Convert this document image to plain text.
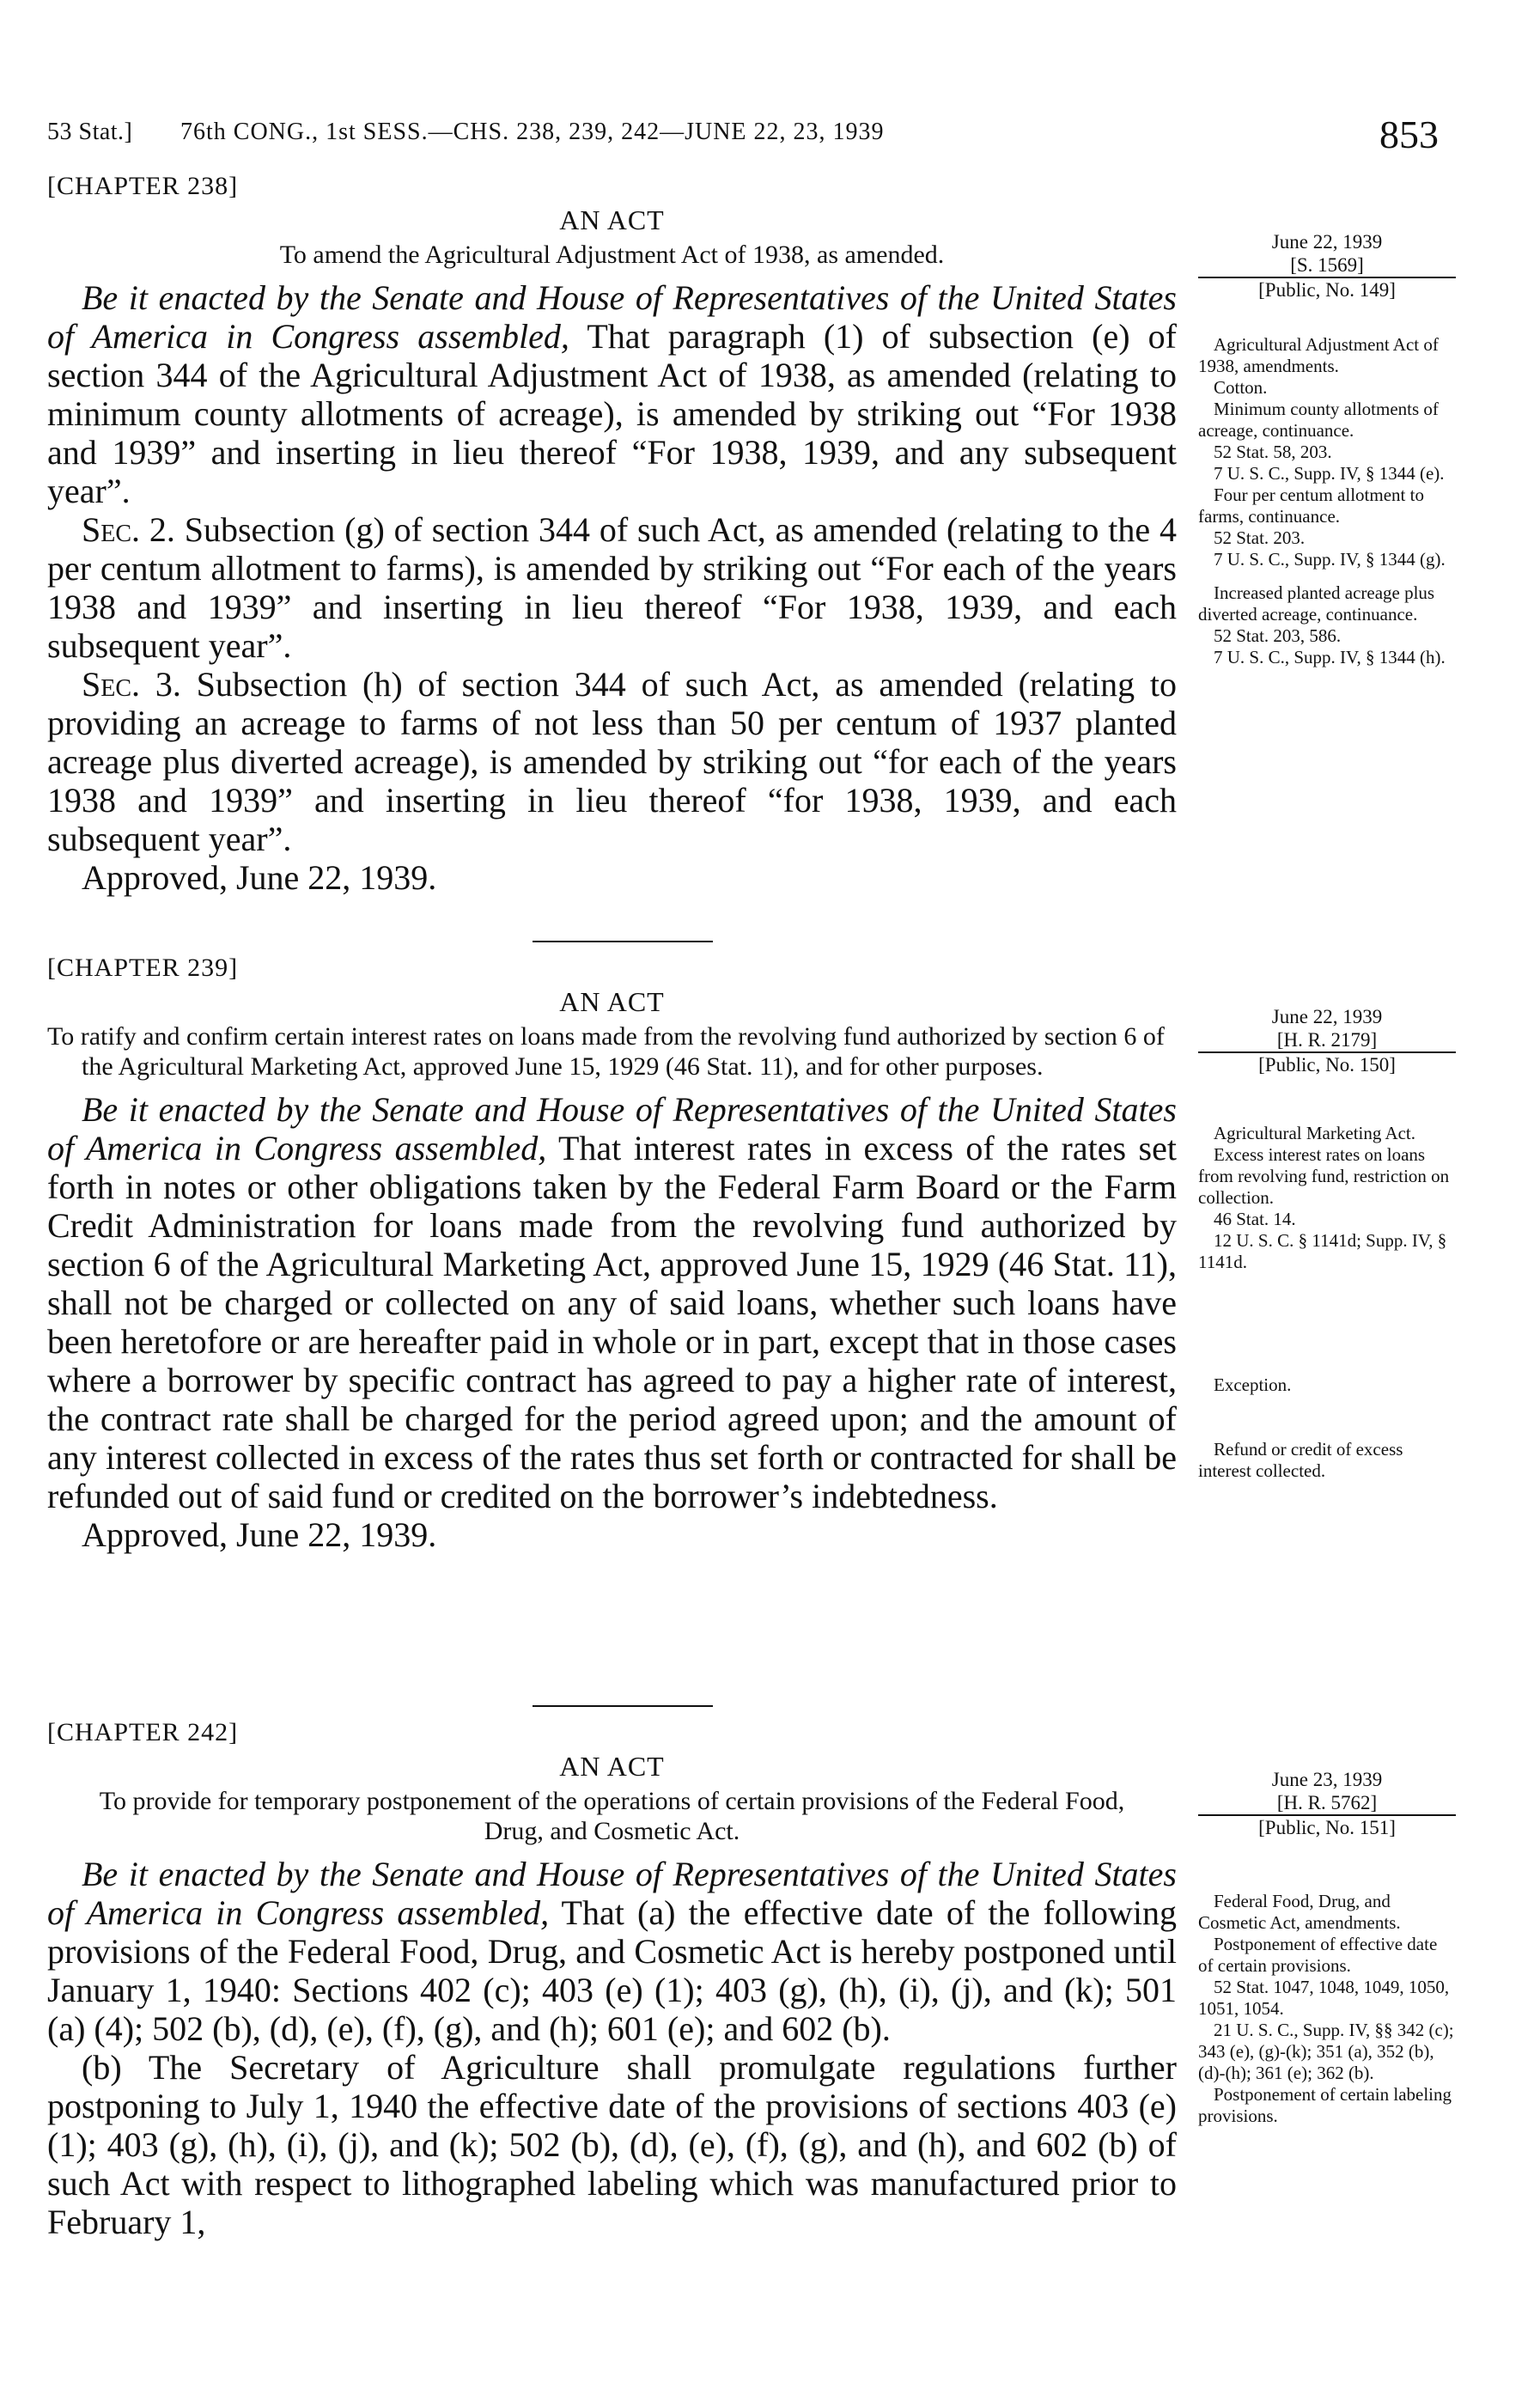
53 Stat.] 76th CONG., 1st SESS.—CHS. 238, 239, 242—JUNE 22, 23, 1939	853
[CHAPTER 238]
AN ACT
To amend the Agricultural Adjustment Act of 1938, as amended.

Be it enacted by the Senate and House of Representatives of the United States of America in Congress assembled, That paragraph (1) of subsection (e) of section 344 of the Agricultural Adjustment Act of 1938, as amended (relating to minimum county allotments of acreage), is amended by striking out “For 1938 and 1939” and inserting in lieu thereof “For 1938, 1939, and any subsequent year”.

Sec. 2. Subsection (g) of section 344 of such Act, as amended (relating to the 4 per centum allotment to farms), is amended by striking out “For each of the years 1938 and 1939” and inserting in lieu thereof “For 1938, 1939, and each subsequent year”.

Sec. 3. Subsection (h) of section 344 of such Act, as amended (relating to providing an acreage to farms of not less than 50 per centum of 1937 planted acreage plus diverted acreage), is amended by striking out “for each of the years 1938 and 1939” and inserting in lieu thereof “for 1938, 1939, and each subsequent year”.

Approved, June 22, 1939.

June 22, 1939
[S. 1569]
[Public, No. 149]
Agricultural Adjustment Act of 1938, amendments.
Cotton.
Minimum county allotments of acreage, continuance.
52 Stat. 58, 203.
7 U. S. C., Supp. IV, § 1344 (e).
Four per centum allotment to farms, continuance.
52 Stat. 203.
7 U. S. C., Supp. IV, § 1344 (g).
Increased planted acreage plus diverted acreage, continuance.
52 Stat. 203, 586.
7 U. S. C., Supp. IV, § 1344 (h).
[CHAPTER 239]
AN ACT
To ratify and confirm certain interest rates on loans made from the revolving fund authorized by section 6 of the Agricultural Marketing Act, approved June 15, 1929 (46 Stat. 11), and for other purposes.

Be it enacted by the Senate and House of Representatives of the United States of America in Congress assembled, That interest rates in excess of the rates set forth in notes or other obligations taken by the Federal Farm Board or the Farm Credit Administration for loans made from the revolving fund authorized by section 6 of the Agricultural Marketing Act, approved June 15, 1929 (46 Stat. 11), shall not be charged or collected on any of said loans, whether such loans have been heretofore or are hereafter paid in whole or in part, except that in those cases where a borrower by specific contract has agreed to pay a higher rate of interest, the contract rate shall be charged for the period agreed upon; and the amount of any interest collected in excess of the rates thus set forth or contracted for shall be refunded out of said fund or credited on the borrower’s indebtedness.

Approved, June 22, 1939.

June 22, 1939
[H. R. 2179]
[Public, No. 150]
Agricultural Marketing Act.
Excess interest rates on loans from revolving fund, restriction on collection.
46 Stat. 14.
12 U. S. C. § 1141d; Supp. IV, § 1141d.
Exception.
Refund or credit of excess interest collected.
[CHAPTER 242]
AN ACT
To provide for temporary postponement of the operations of certain provisions of the Federal Food, Drug, and Cosmetic Act.

Be it enacted by the Senate and House of Representatives of the United States of America in Congress assembled, That (a) the effective date of the following provisions of the Federal Food, Drug, and Cosmetic Act is hereby postponed until January 1, 1940: Sections 402 (c); 403 (e) (1); 403 (g), (h), (i), (j), and (k); 501 (a) (4); 502 (b), (d), (e), (f), (g), and (h); 601 (e); and 602 (b).

(b) The Secretary of Agriculture shall promulgate regulations further postponing to July 1, 1940 the effective date of the provisions of sections 403 (e) (1); 403 (g), (h), (i), (j), and (k); 502 (b), (d), (e), (f), (g), and (h), and 602 (b) of such Act with respect to lithographed labeling which was manufactured prior to February 1,

June 23, 1939
[H. R. 5762]
[Public, No. 151]
Federal Food, Drug, and Cosmetic Act, amendments.
Postponement of effective date of certain provisions.
52 Stat. 1047, 1048, 1049, 1050, 1051, 1054.
21 U. S. C., Supp. IV, §§ 342 (c); 343 (e), (g)-(k); 351 (a), 352 (b), (d)-(h); 361 (e); 362 (b).
Postponement of certain labeling provisions.
